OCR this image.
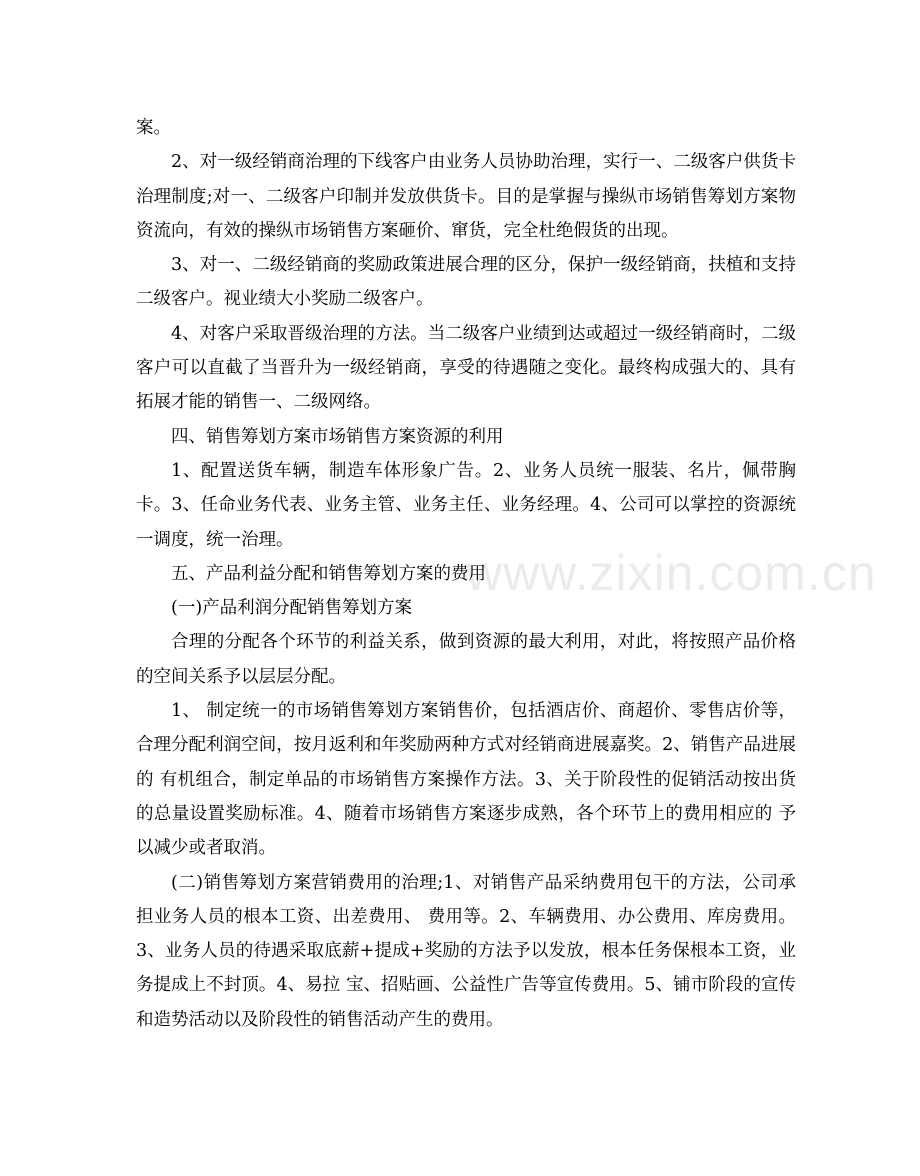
案。

2、对一级经销商治理的下线客户由业务人员协助治理，实行一、二级客户供货卡治理制度;对一、二级客户印制并发放供货卡。目的是掌握与操纵市场销售筹划方案物资流向，有效的操纵市场销售方案砸价、窜货，完全杜绝假货的出现。

3、对一、二级经销商的奖励政策进展合理的区分，保护一级经销商，扶植和支持二级客户。视业绩大小奖励二级客户。

4、对客户采取晋级治理的方法。当二级客户业绩到达或超过一级经销商时，二级客户可以直截了当晋升为一级经销商，享受的待遇随之变化。最终构成强大的、具有拓展才能的销售一、二级网络。

四、销售筹划方案市场销售方案资源的利用

1、配置送货车辆，制造车体形象广告。2、业务人员统一服装、名片，佩带胸卡。3、任命业务代表、业务主管、业务主任、业务经理。4、公司可以掌控的资源统一调度，统一治理。

五、产品利益分配和销售筹划方案的费用

(一)产品利润分配销售筹划方案

合理的分配各个环节的利益关系，做到资源的最大利用，对此，将按照产品价格的空间关系予以层层分配。

1、 制定统一的市场销售筹划方案销售价，包括酒店价、商超价、零售店价等，合理分配利润空间，按月返利和年奖励两种方式对经销商进展嘉奖。2、销售产品进展的 有机组合，制定单品的市场销售方案操作方法。3、关于阶段性的促销活动按出货的总量设置奖励标准。4、随着市场销售方案逐步成熟，各个环节上的费用相应的 予以减少或者取消。

(二)销售筹划方案营销费用的治理;1、对销售产品采纳费用包干的方法，公司承担业务人员的根本工资、出差费用、 费用等。2、车辆费用、办公费用、库房费用。3、业务人员的待遇采取底薪+提成+奖励的方法予以发放，根本任务保根本工资，业务提成上不封顶。4、易拉 宝、招贴画、公益性广告等宣传费用。5、铺市阶段的宣传和造势活动以及阶段性的销售活动产生的费用。

www.zixin.com.cn
